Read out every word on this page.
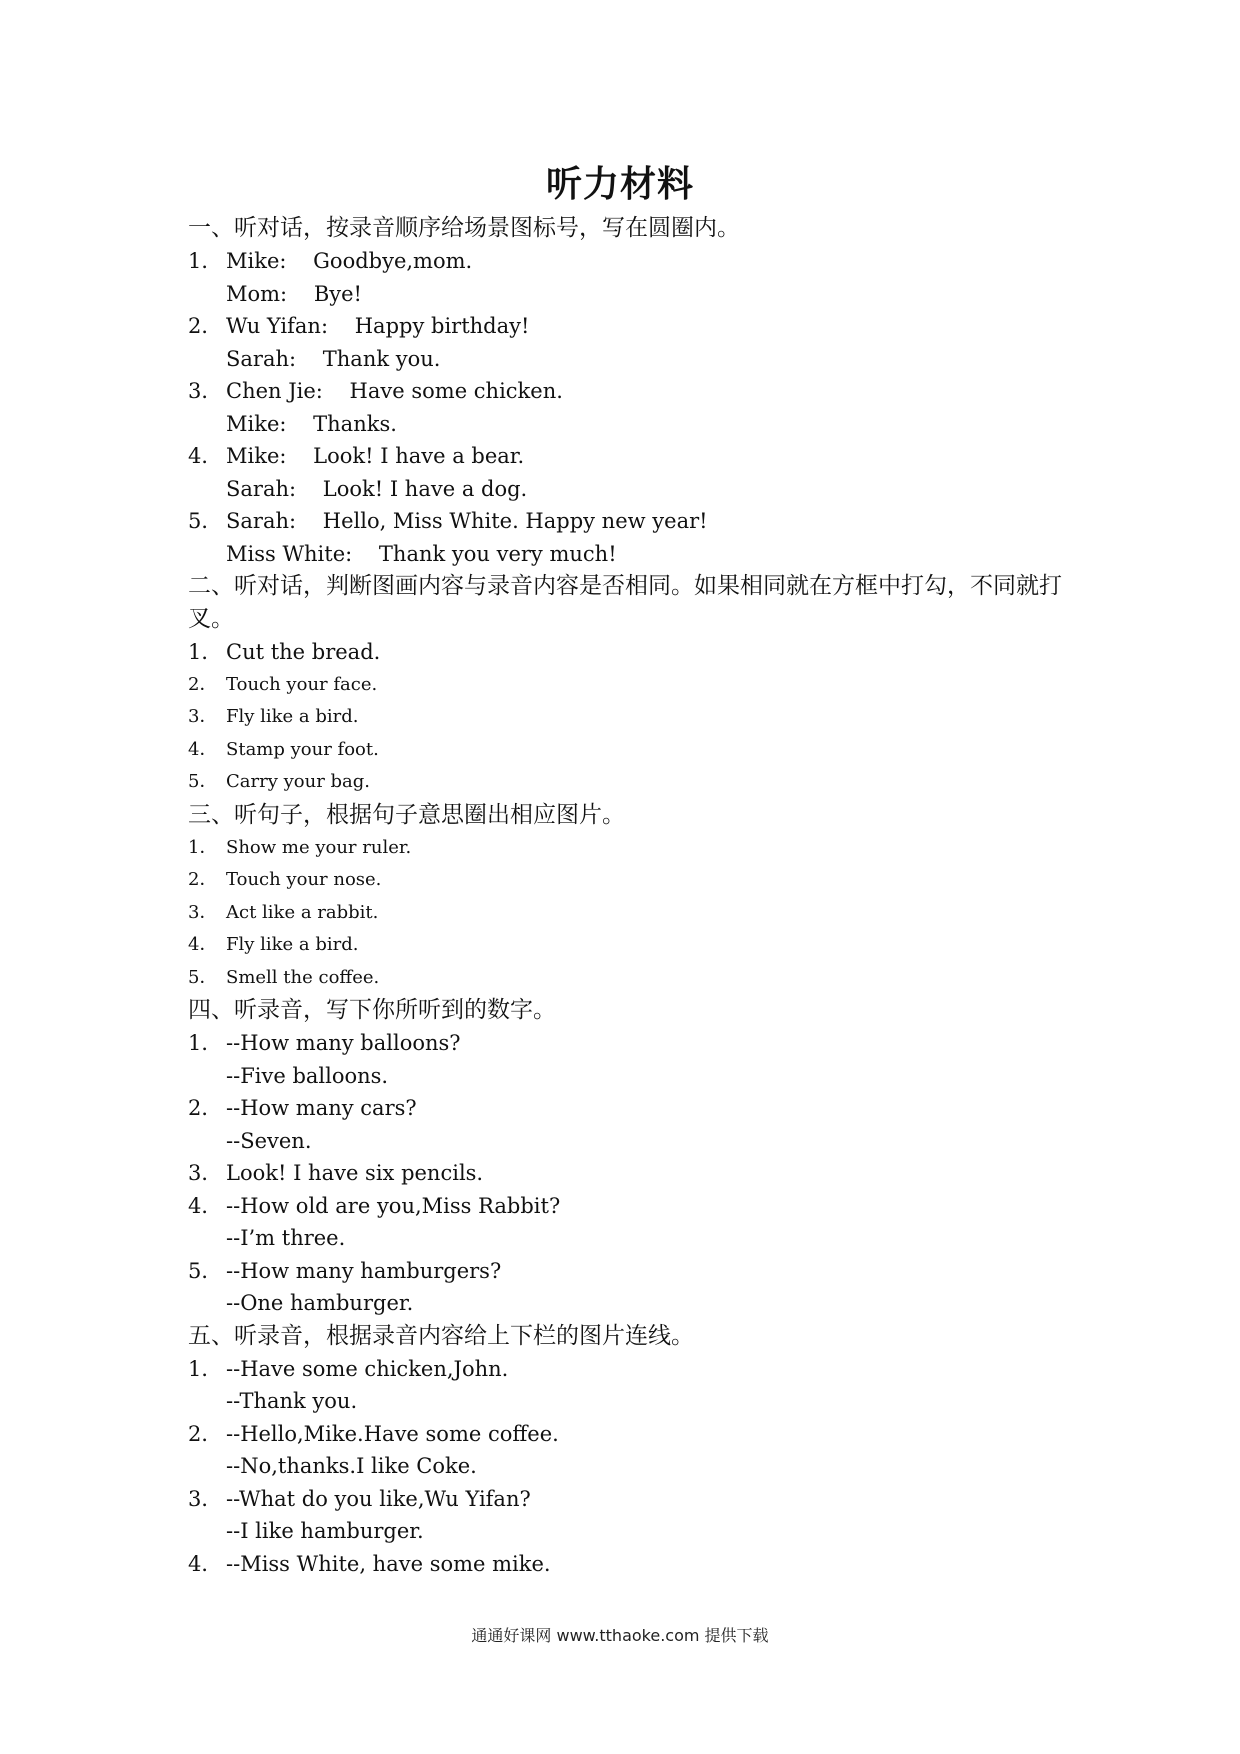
听力材料

一、听对话，按录音顺序给场景图标号，写在圆圈内。

1． Mike:    Goodbye,mom.
Mom:    Bye!
2． Wu Yifan:    Happy birthday!
Sarah:    Thank you.
3． Chen Jie:    Have some chicken.
Mike:    Thanks.
4． Mike:    Look! I have a bear.
Sarah:    Look! I have a dog.
5． Sarah:    Hello, Miss White. Happy new year!
Miss White:    Thank you very much!

二、听对话，判断图画内容与录音内容是否相同。如果相同就在方框中打勾，不同就打叉。

1． Cut the bread.
2． Touch your face.
3． Fly like a bird.
4． Stamp your foot.
5． Carry your bag.

三、听句子，根据句子意思圈出相应图片。

1． Show me your ruler.
2． Touch your nose.
3． Act like a rabbit.
4． Fly like a bird.
5． Smell the coffee.

四、听录音，写下你所听到的数字。

1． --How many balloons?
--Five balloons.
2． --How many cars?
--Seven.
3． Look! I have six pencils.
4． --How old are you,Miss Rabbit?
--I’m three.
5． --How many hamburgers?
--One hamburger.

五、听录音，根据录音内容给上下栏的图片连线。

1． --Have some chicken,John.
--Thank you.
2． --Hello,Mike.Have some coffee.
--No,thanks.I like Coke.
3． --What do you like,Wu Yifan?
--I like hamburger.
4． --Miss White, have some mike.
通通好课网 www.tthaoke.com 提供下载
